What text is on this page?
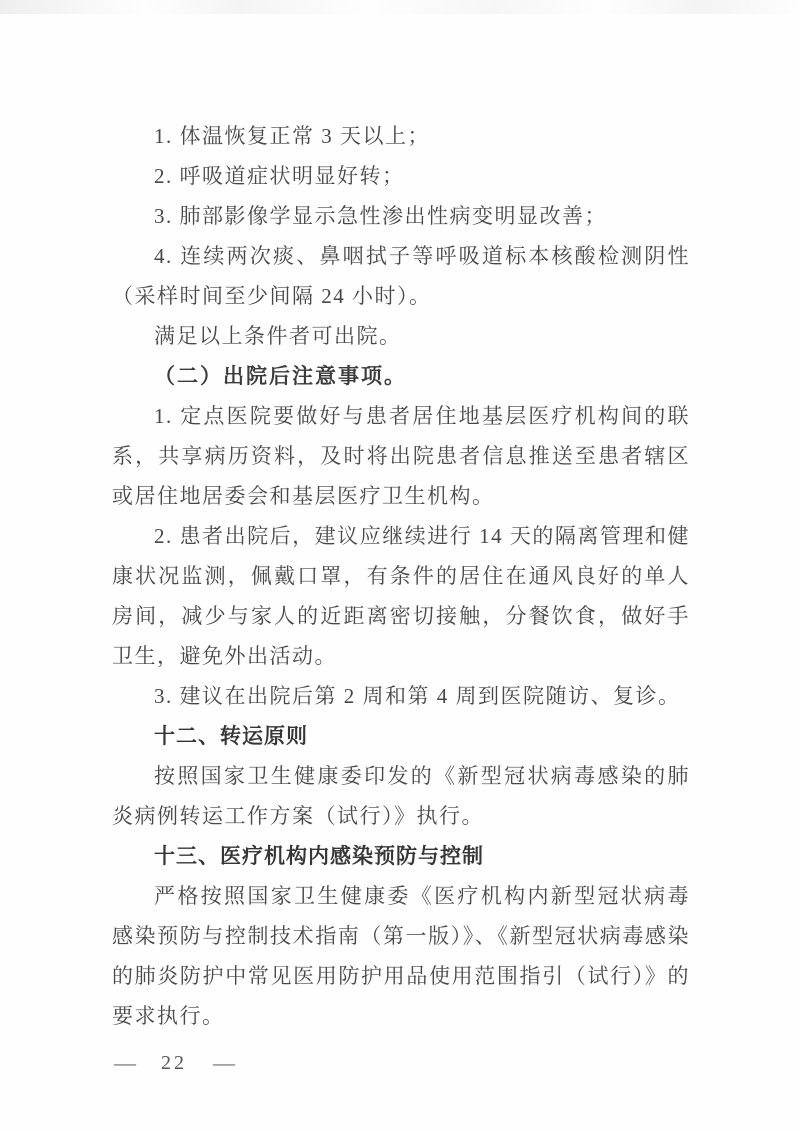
1. 体温恢复正常 3 天以上；

2. 呼吸道症状明显好转；

3. 肺部影像学显示急性渗出性病变明显改善；

4. 连续两次痰、鼻咽拭子等呼吸道标本核酸检测阴性（采样时间至少间隔 24 小时）。

满足以上条件者可出院。

（二）出院后注意事项。

1. 定点医院要做好与患者居住地基层医疗机构间的联系，共享病历资料，及时将出院患者信息推送至患者辖区或居住地居委会和基层医疗卫生机构。

2. 患者出院后，建议应继续进行 14 天的隔离管理和健康状况监测，佩戴口罩，有条件的居住在通风良好的单人房间，减少与家人的近距离密切接触，分餐饮食，做好手卫生，避免外出活动。

3. 建议在出院后第 2 周和第 4 周到医院随访、复诊。

十二、转运原则

按照国家卫生健康委印发的《新型冠状病毒感染的肺炎病例转运工作方案（试行）》执行。

十三、医疗机构内感染预防与控制

严格按照国家卫生健康委《医疗机构内新型冠状病毒感染预防与控制技术指南（第一版）》、《新型冠状病毒感染的肺炎防护中常见医用防护用品使用范围指引（试行）》的要求执行。

— 22 —
